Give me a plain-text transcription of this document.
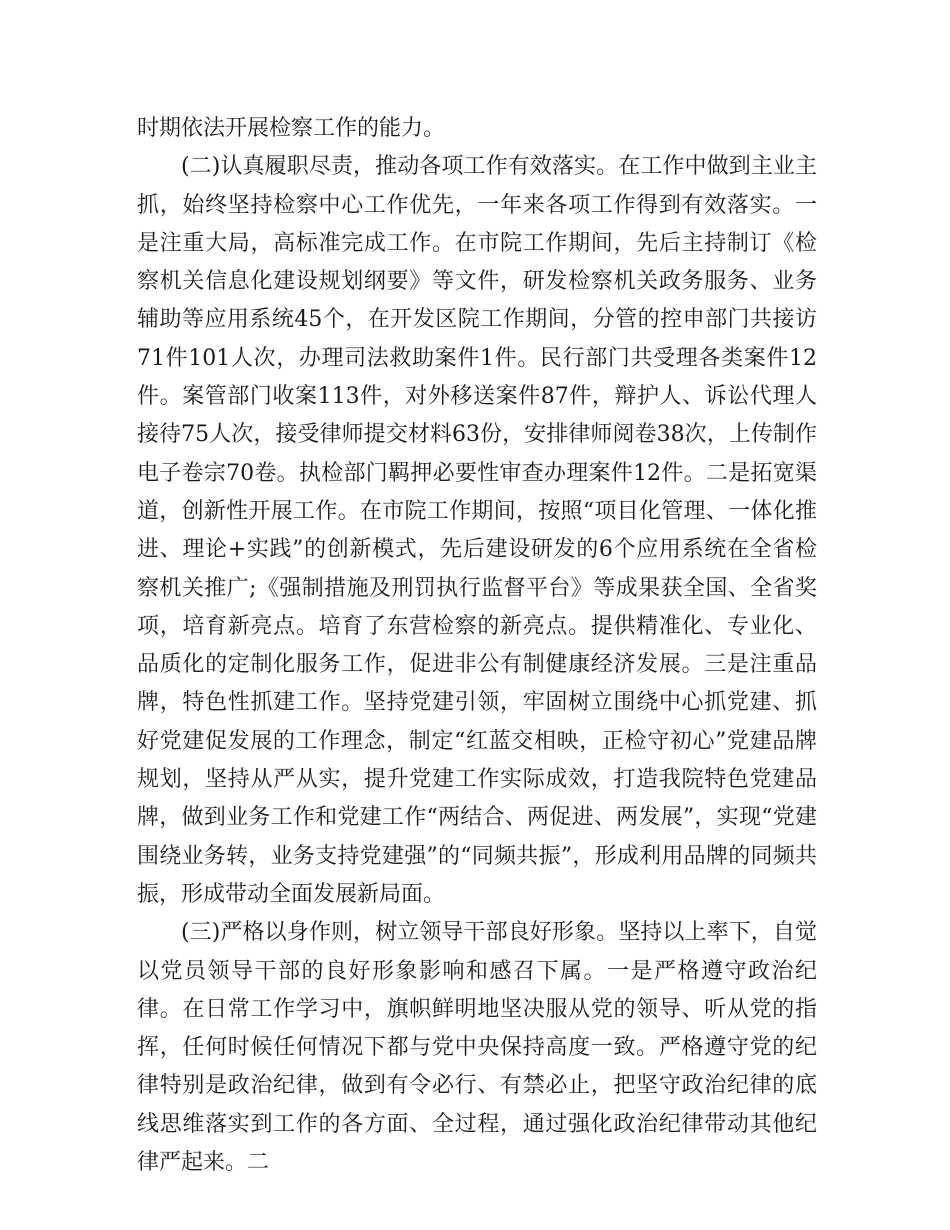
时期依法开展检察工作的能力。

(二)认真履职尽责，推动各项工作有效落实。在工作中做到主业主抓，始终坚持检察中心工作优先，一年来各项工作得到有效落实。一是注重大局，高标准完成工作。在市院工作期间，先后主持制订《检察机关信息化建设规划纲要》等文件，研发检察机关政务服务、业务辅助等应用系统45个，在开发区院工作期间，分管的控申部门共接访71件101人次，办理司法救助案件1件。民行部门共受理各类案件12件。案管部门收案113件，对外移送案件87件，辩护人、诉讼代理人接待75人次，接受律师提交材料63份，安排律师阅卷38次，上传制作电子卷宗70卷。执检部门羁押必要性审查办理案件12件。二是拓宽渠道，创新性开展工作。在市院工作期间，按照“项目化管理、一体化推进、理论+实践”的创新模式，先后建设研发的6个应用系统在全省检察机关推广;《强制措施及刑罚执行监督平台》等成果获全国、全省奖项，培育新亮点。培育了东营检察的新亮点。提供精准化、专业化、品质化的定制化服务工作，促进非公有制健康经济发展。三是注重品牌，特色性抓建工作。坚持党建引领，牢固树立围绕中心抓党建、抓好党建促发展的工作理念，制定“红蓝交相映，正检守初心”党建品牌规划，坚持从严从实，提升党建工作实际成效，打造我院特色党建品牌，做到业务工作和党建工作“两结合、两促进、两发展”，实现“党建围绕业务转，业务支持党建强”的“同频共振”，形成利用品牌的同频共振，形成带动全面发展新局面。

(三)严格以身作则，树立领导干部良好形象。坚持以上率下，自觉以党员领导干部的良好形象影响和感召下属。一是严格遵守政治纪律。在日常工作学习中，旗帜鲜明地坚决服从党的领导、听从党的指挥，任何时候任何情况下都与党中央保持高度一致。严格遵守党的纪律特别是政治纪律，做到有令必行、有禁必止，把坚守政治纪律的底线思维落实到工作的各方面、全过程，通过强化政治纪律带动其他纪律严起来。二
